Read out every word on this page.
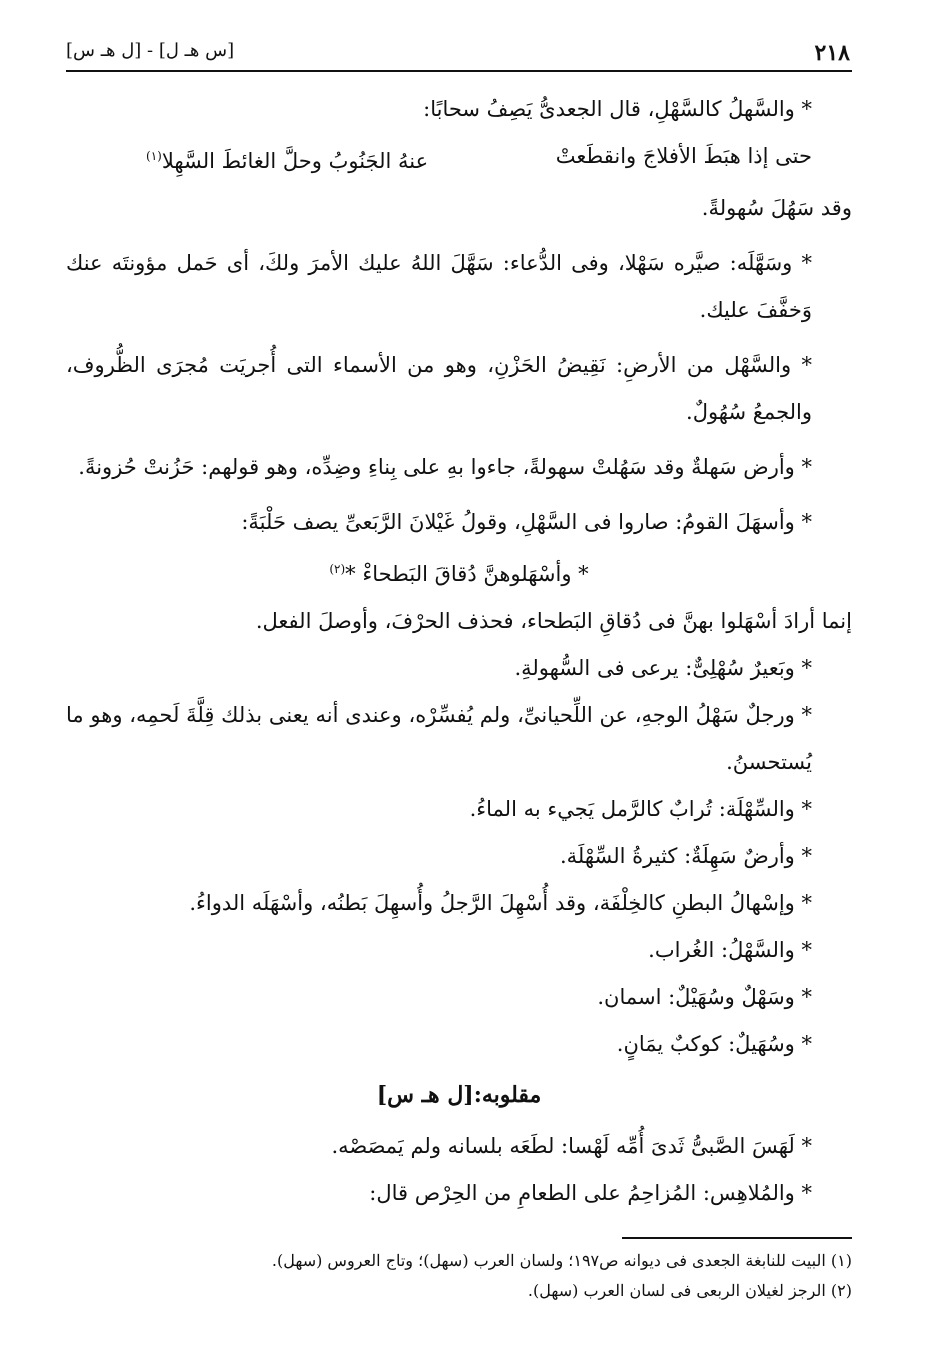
٢١٨
[س هـ ل] - [ل هـ س]

* والسَّهلُ كالسَّهْلِ، قال الجعدىُّ يَصِفُ سحابًا:

حتى إذا هبَطَ الأفلاجَ وانقطَعتْ
عنهُ الجَنُوبُ وحلَّ الغائطَ السَّهِلا$^{(١)}$

وقد سَهُلَ سُهولةً.

* وسَهَّلَه: صيَّره سَهْلا، وفى الدُّعاء: سَهَّلَ اللهُ عليك الأمرَ ولكَ، أى حَمل مؤونتَه عنك وَخفَّفَ عليك.

* والسَّهْل من الأرضِ: نَقِيضُ الحَزْنِ، وهو من الأسماء التى أُجريَت مُجرَى الظُّروف، والجمعُ سُهُولٌ.

* وأرض سَهلةٌ وقد سَهُلتْ سهولةً، جاءوا بهِ على بِناءِ وضِدِّه، وهو قولهم: حَزُنتْ حُزونةً.

* وأسهَلَ القومُ: صاروا فى السَّهْلِ، وقولُ غَيْلانَ الرَّبَعىِّ يصف حَلْبَةً:

* وأسْهَلوهنَّ دُقاقَ البَطحاءْ *$^{(٢)}$

إنما أرادَ أسْهَلوا بهنَّ فى دُقاقِ البَطحاء، فحذف الحرْفَ، وأوصلَ الفعل.

* وبَعيرٌ سُهْلِىٌّ: يرعى فى السُّهولةِ.

* ورجلٌ سَهْلُ الوجهِ، عن اللِّحيانىِّ، ولم يُفسِّرْه، وعندى أنه يعنى بذلك قِلَّةَ لَحمِه، وهو ما يُستحسنُ.

* والسِّهْلَة: تُرابٌ كالرَّمل يَجيء به الماءُ.

* وأرضٌ سَهِلَةٌ: كثيرةُ السِّهْلَة.

* وإسْهالُ البطنِ كالخِلْفَة، وقد أُسْهِلَ الرَّجلُ وأُسهِلَ بَطنُه، وأسْهَلَه الدواءُ.

* والسَّهْلُ: الغُراب.

* وسَهْلٌ وسُهَيْلٌ: اسمان.

* وسُهَيلٌ: كوكبٌ يمَانٍ.

مقلوبه:[ل هـ س]

* لَهَسَ الصَّبىُّ ثَدىَ أُمِّه لَهْسا: لطَعَه بلسانه ولم يَمصَصْه.

* والمُلاهِس: المُزاحِمُ على الطعامِ من الحِرْص قال:

(١) البيت للنابغة الجعدى فى ديوانه ص١٩٧؛ ولسان العرب (سهل)؛ وتاج العروس (سهل).
(٢) الرجز لغيلان الربعى فى لسان العرب (سهل).
